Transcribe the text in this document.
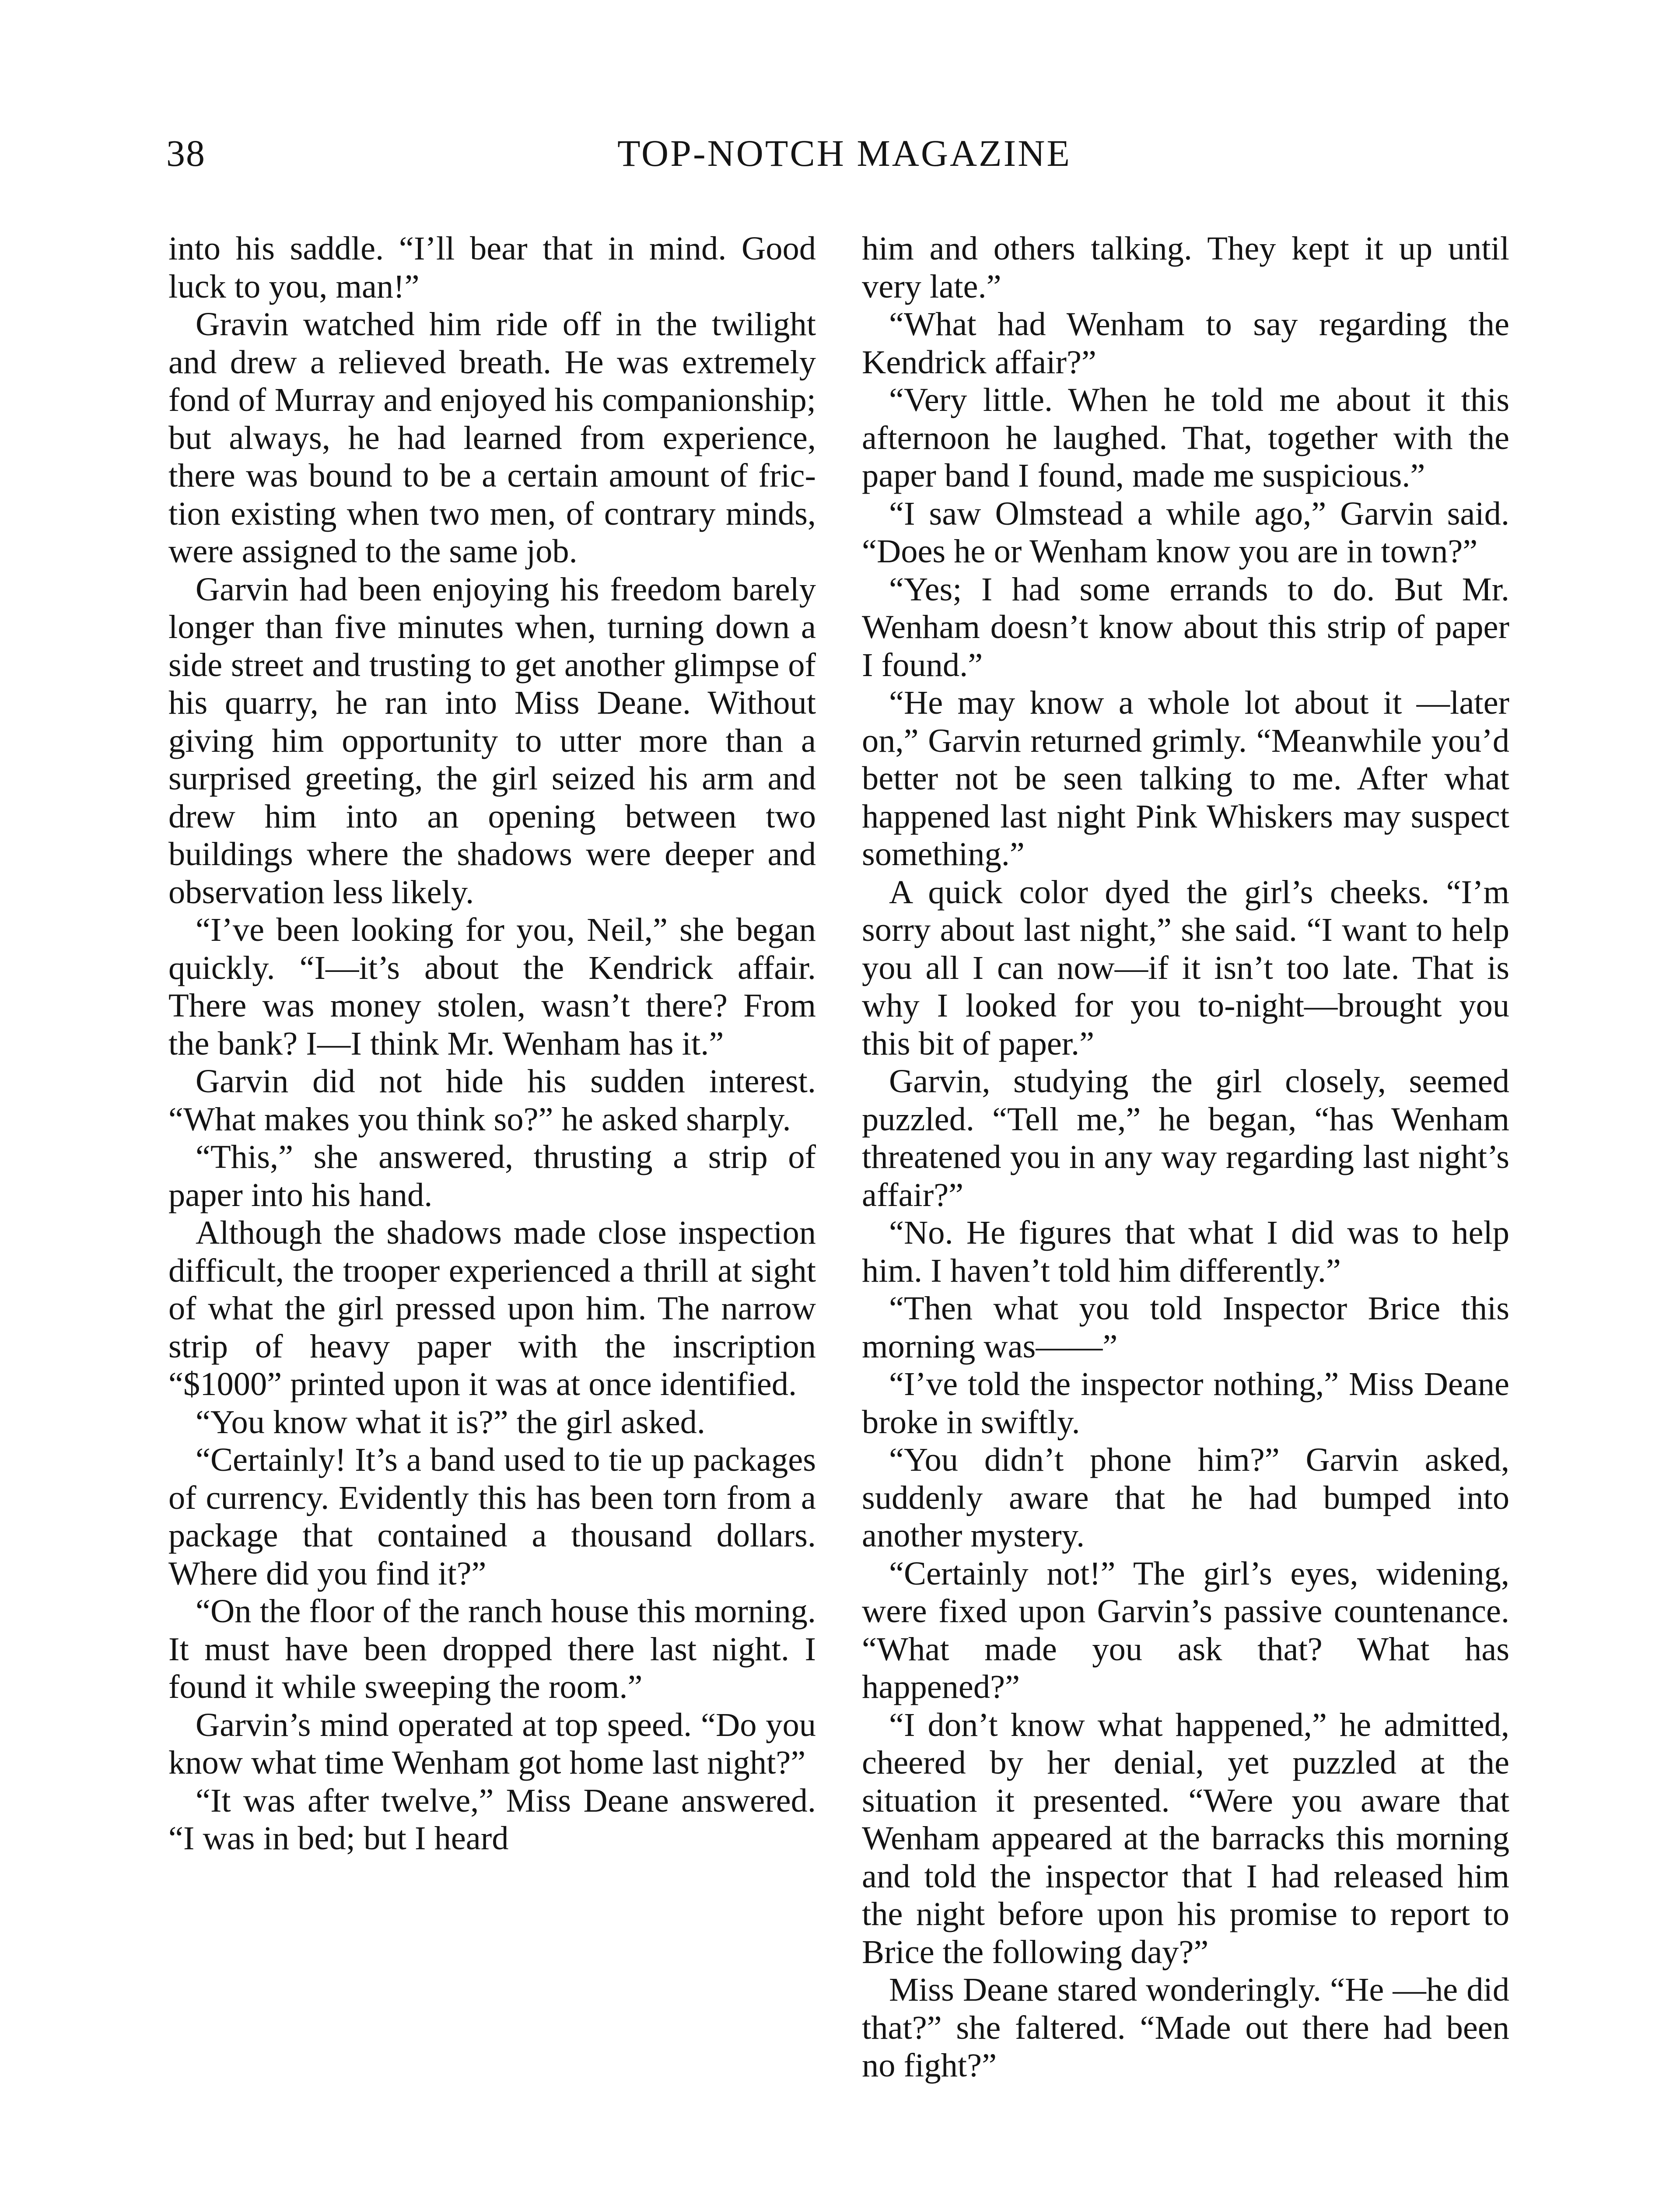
38	TOP-NOTCH MAGAZINE

into his saddle. “I’ll bear that in mind. Good luck to you, man!”

Gravin watched him ride off in the twilight and drew a relieved breath. He was extremely fond of Murray and enjoyed his companionship; but always, he had learned from experience, there was bound to be a certain amount of friction existing when two men, of contrary minds, were assigned to the same job.

Garvin had been enjoying his freedom barely longer than five minutes when, turning down a side street and trusting to get another glimpse of his quarry, he ran into Miss Deane. Without giving him opportunity to utter more than a surprised greeting, the girl seized his arm and drew him into an opening between two buildings where the shadows were deeper and observation less likely.

“I’ve been looking for you, Neil,” she began quickly. “I—it’s about the Kendrick affair. There was money stolen, wasn’t there? From the bank? I—I think Mr. Wenham has it.”

Garvin did not hide his sudden interest. “What makes you think so?” he asked sharply.

“This,” she answered, thrusting a strip of paper into his hand.

Although the shadows made close inspection difficult, the trooper experienced a thrill at sight of what the girl pressed upon him. The narrow strip of heavy paper with the inscription “$1000” printed upon it was at once identified.

“You know what it is?” the girl asked.

“Certainly! It’s a band used to tie up packages of currency. Evidently this has been torn from a package that contained a thousand dollars. Where did you find it?”

“On the floor of the ranch house this morning. It must have been dropped there last night. I found it while sweeping the room.”

Garvin’s mind operated at top speed. “Do you know what time Wenham got home last night?”

“It was after twelve,” Miss Deane answered. “I was in bed; but I heard

him and others talking. They kept it up until very late.”

“What had Wenham to say regarding the Kendrick affair?”

“Very little. When he told me about it this afternoon he laughed. That, together with the paper band I found, made me suspicious.”

“I saw Olmstead a while ago,” Garvin said. “Does he or Wenham know you are in town?”

“Yes; I had some errands to do. But Mr. Wenham doesn’t know about this strip of paper I found.”

“He may know a whole lot about it —later on,” Garvin returned grimly. “Meanwhile you’d better not be seen talking to me. After what happened last night Pink Whiskers may suspect something.”

A quick color dyed the girl’s cheeks. “I’m sorry about last night,” she said. “I want to help you all I can now—if it isn’t too late. That is why I looked for you to-night—brought you this bit of paper.”

Garvin, studying the girl closely, seemed puzzled. “Tell me,” he began, “has Wenham threatened you in any way regarding last night’s affair?”

“No. He figures that what I did was to help him. I haven’t told him differently.”

“Then what you told Inspector Brice this morning was——”

“I’ve told the inspector nothing,” Miss Deane broke in swiftly.

“You didn’t phone him?” Garvin asked, suddenly aware that he had bumped into another mystery.

“Certainly not!” The girl’s eyes, widening, were fixed upon Garvin’s passive countenance. “What made you ask that? What has happened?”

“I don’t know what happened,” he admitted, cheered by her denial, yet puzzled at the situation it presented. “Were you aware that Wenham appeared at the barracks this morning and told the inspector that I had released him the night before upon his promise to report to Brice the following day?”

Miss Deane stared wonderingly. “He —he did that?” she faltered. “Made out there had been no fight?”
